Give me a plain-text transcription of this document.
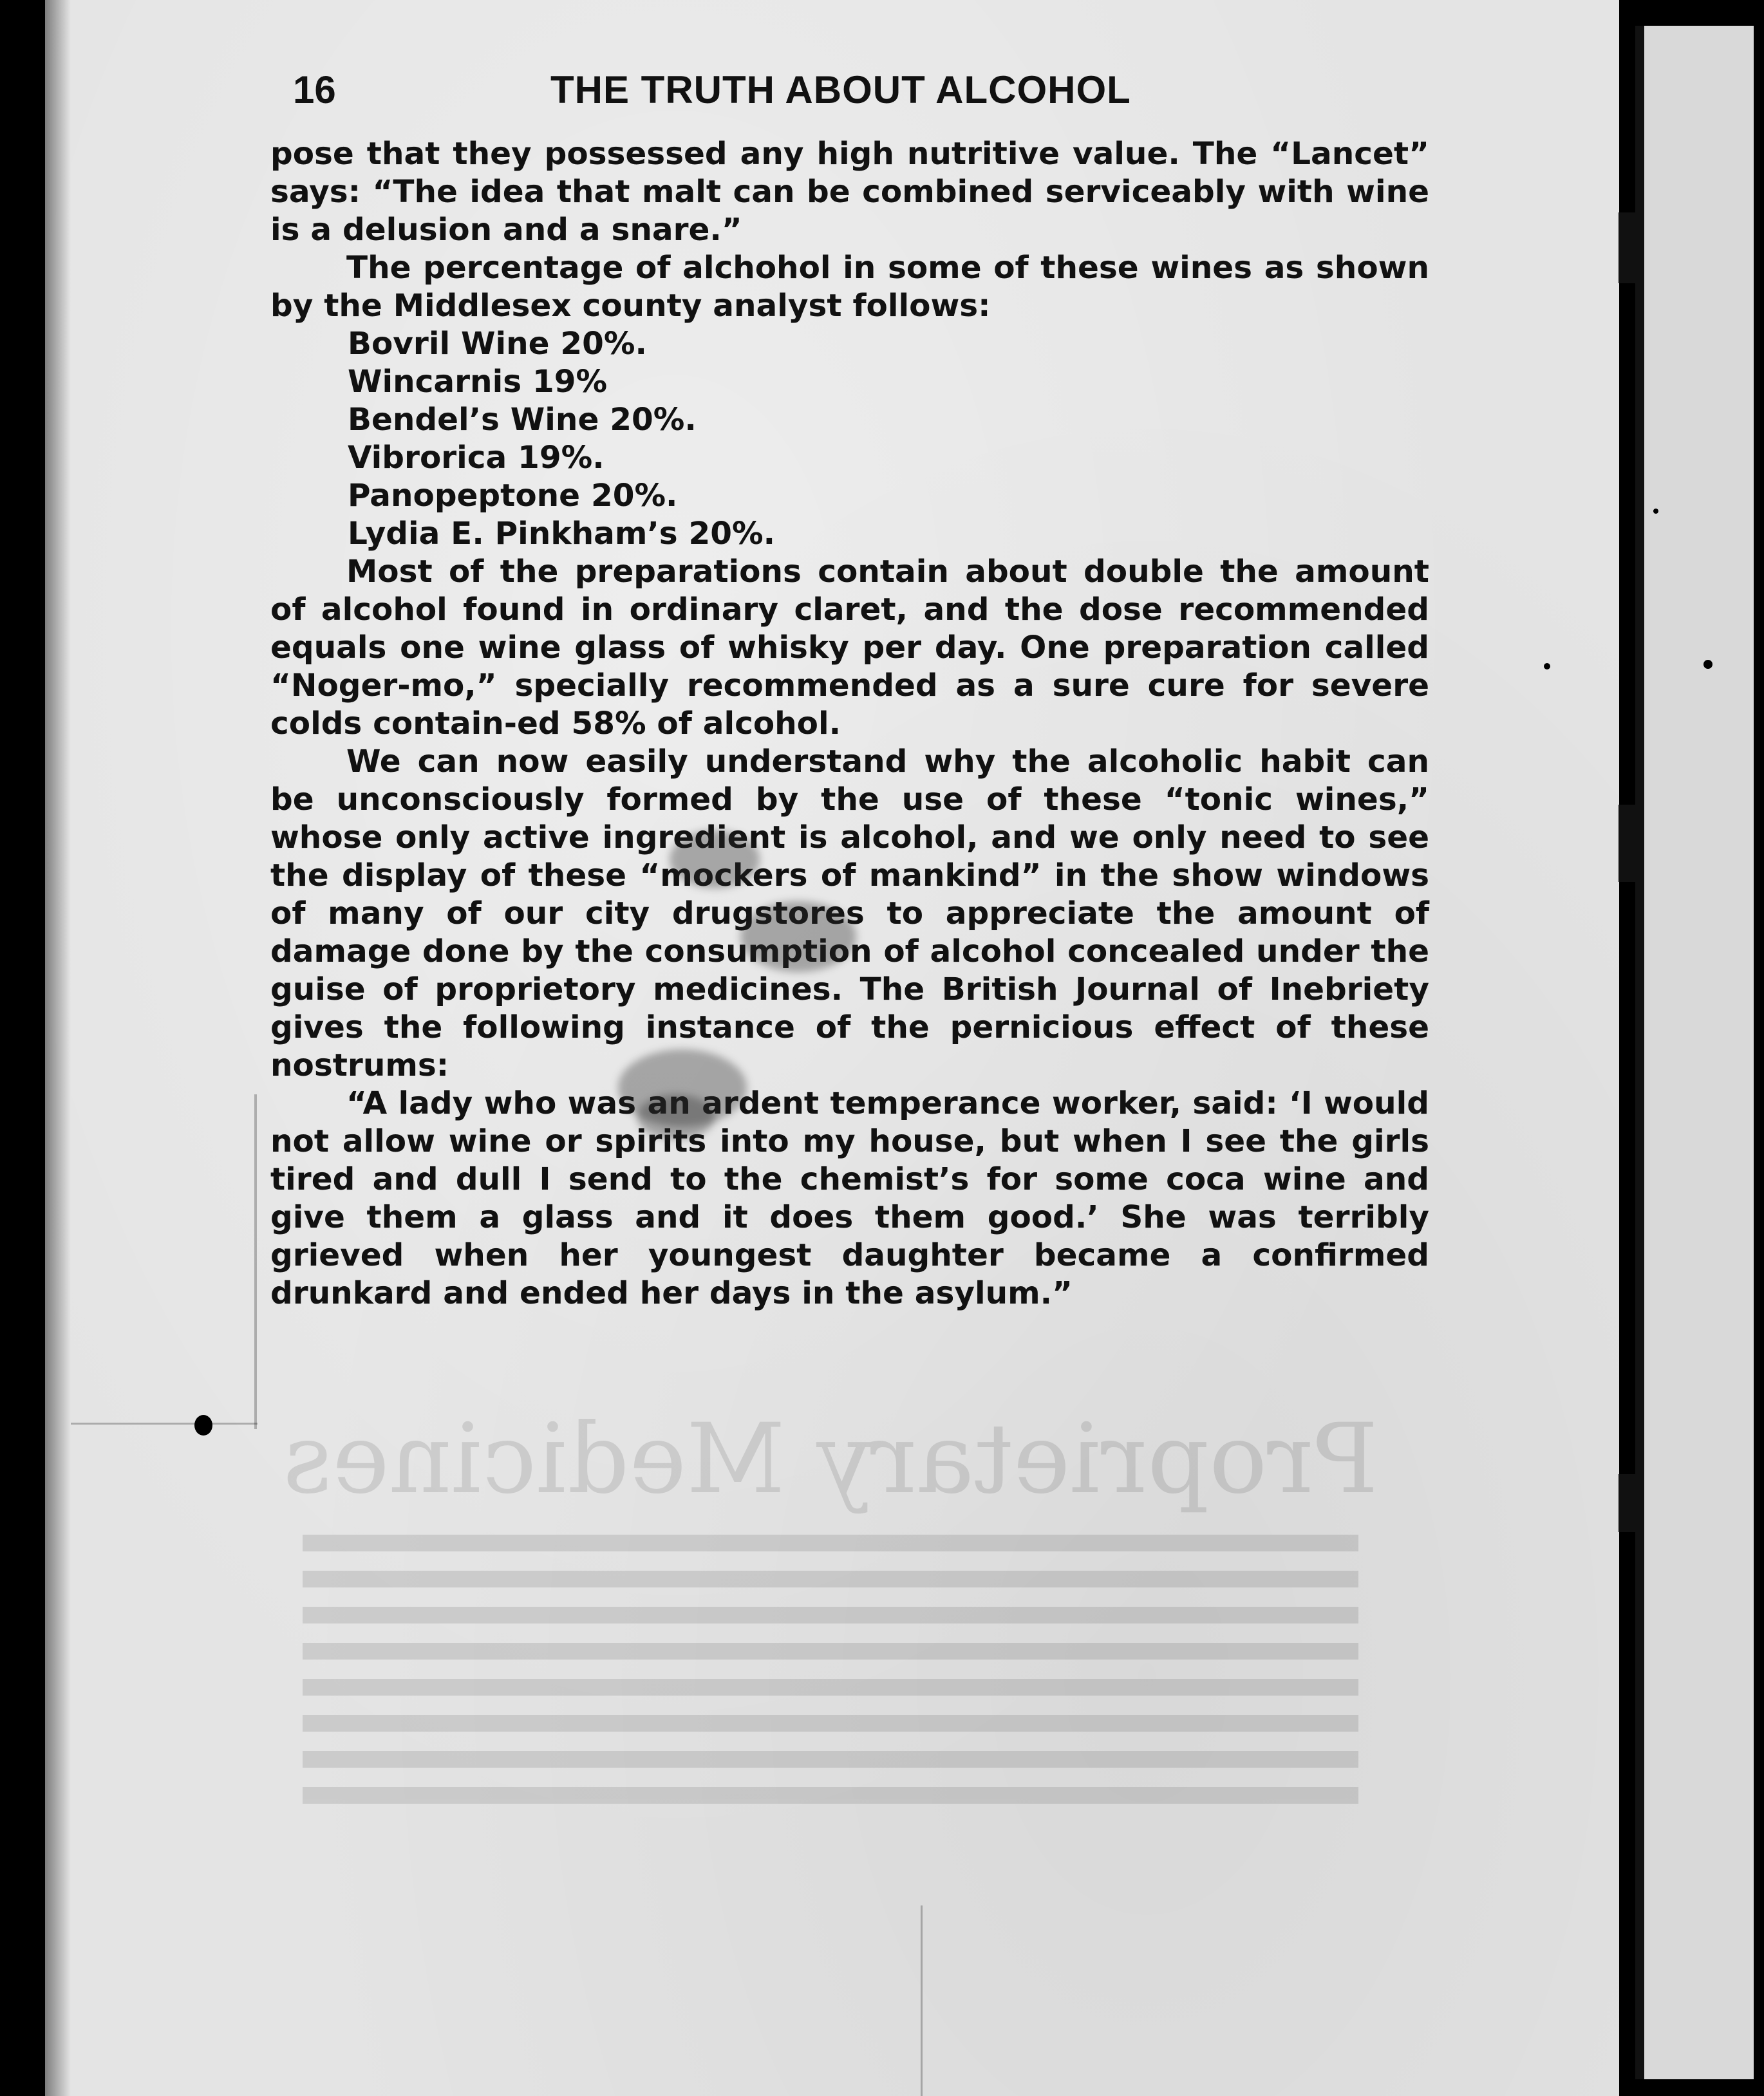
Proprietary Medicines
16	THE TRUTH ABOUT ALCOHOL

pose that they possessed any high nutritive value. The “Lancet” says: “The idea that malt can be combined serviceably with wine is a delusion and a snare.”

The percentage of alchohol in some of these wines as shown by the Middlesex county analyst follows:

Bovril Wine 20%.
Wincarnis 19%
Bendel’s Wine 20%.
Vibrorica 19%.
Panopeptone 20%.
Lydia E. Pinkham’s 20%.

Most of the preparations contain about double the amount of alcohol found in ordinary claret, and the dose recommended equals one wine glass of whisky per day. One preparation called “Noger-mo,” specially recommended as a sure cure for severe colds contain-ed 58% of alcohol.

We can now easily understand why the alcoholic habit can be unconsciously formed by the use of these “tonic wines,” whose only active ingredient is alcohol, and we only need to see the display of these “mockers of mankind” in the show windows of many of our city drugstores to appreciate the amount of damage done by the consumption of alcohol concealed under the guise of proprietory medicines. The British Journal of Inebriety gives the following instance of the pernicious effect of these nostrums:

“A lady who was an ardent temperance worker, said: ‘I would not allow wine or spirits into my house, but when I see the girls tired and dull I send to the chemist’s for some coca wine and give them a glass and it does them good.’ She was terribly grieved when her youngest daughter became a confirmed drunkard and ended her days in the asylum.”
